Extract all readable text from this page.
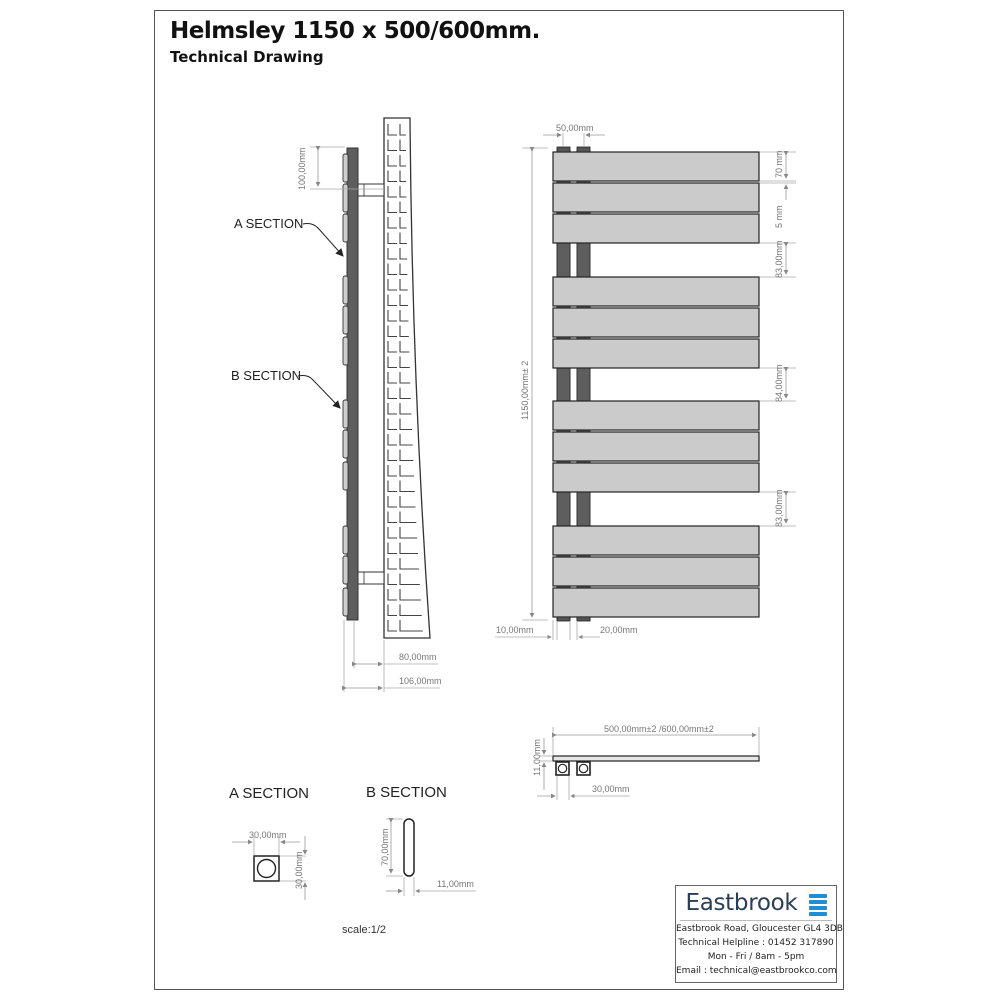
Helmsley 1150 x 500/600mm.
Technical Drawing
100,00mm
A SECTION
B SECTION
80,00mm
106,00mm
50,00mm
1150,00mm± 2
70 mm
5 mm
83,00mm
84,00mm
83,00mm
10,00mm	20,00mm
500,00mm±2 /600,00mm±2
11,00mm
30,00mm
A SECTION
30,00mm
30,00mm
B SECTION
70,00mm
11,00mm
scale:1/2
Eastbrook
Eastbrook Road, Gloucester GL4 3DB
Technical Helpline : 01452 317890
Mon - Fri / 8am - 5pm
Email : technical@eastbrookco.com
